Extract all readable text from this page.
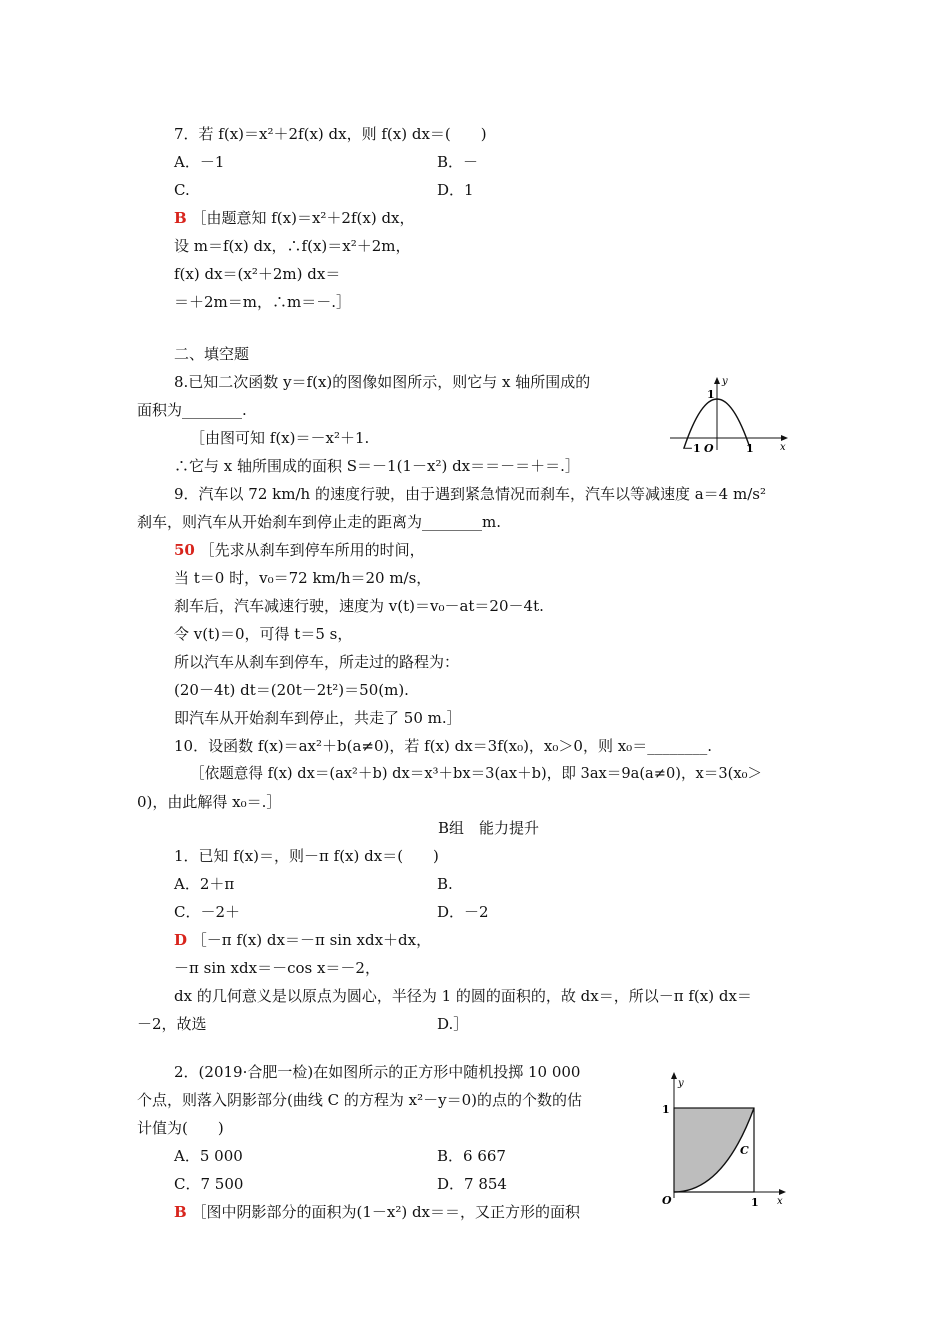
7．若 f(x)＝x²＋2f(x) dx，则 f(x) dx＝(　　)
A．－1	B．－
C.	D．1
B ［由题意知 f(x)＝x²＋2f(x) dx，
设 m＝f(x) dx，∴f(x)＝x²＋2m，
f(x) dx＝(x²＋2m) dx＝
＝＋2m＝m，∴m＝－.］
二、填空题
8.已知二次函数 y＝f(x)的图像如图所示，则它与 x 轴所围成的
面积为________.
［由图可知 f(x)＝－x²＋1.
∴它与 x 轴所围成的面积 S＝－1(1－x²) dx＝＝－＝＋＝.］
y
x
1
－1 O	1
9．汽车以 72 km/h 的速度行驶，由于遇到紧急情况而刹车，汽车以等减速度 a＝4 m/s²
刹车，则汽车从开始刹车到停止走的距离为________m.
50 ［先求从刹车到停车所用的时间，
当 t＝0 时，v₀＝72 km/h＝20 m/s，
刹车后，汽车减速行驶，速度为 v(t)＝v₀－at＝20－4t.
令 v(t)＝0，可得 t＝5 s，
所以汽车从刹车到停车，所走过的路程为：
(20－4t) dt＝(20t－2t²)＝50(m).
即汽车从开始刹车到停止，共走了 50 m.］
10．设函数 f(x)＝ax²＋b(a≠0)，若 f(x) dx＝3f(x₀)，x₀＞0，则 x₀＝________.
［依题意得 f(x) dx＝(ax²＋b) dx＝x³＋bx＝3(ax＋b)，即 3ax＝9a(a≠0)，x＝3(x₀＞
0)，由此解得 x₀＝.］
B组　能力提升
1．已知 f(x)＝，则－π f(x) dx＝(　　)
A．2＋π	B.
C．－2＋	D．－2
D ［－π f(x) dx＝－π sin xdx＋dx，
－π sin xdx＝－cos x＝－2，
dx 的几何意义是以原点为圆心，半径为 1 的圆的面积的，故 dx＝，所以－π f(x) dx＝
－2，故选	D.］
2．(2019·合肥一检)在如图所示的正方形中随机投掷 10 000
个点，则落入阴影部分(曲线 C 的方程为 x²－y＝0)的点的个数的估
计值为(　　)
A．5 000	B．6 667
C．7 500	D．7 854
B ［图中阴影部分的面积为(1－x²) dx＝＝，又正方形的面积
y
x
1
C
O	1
